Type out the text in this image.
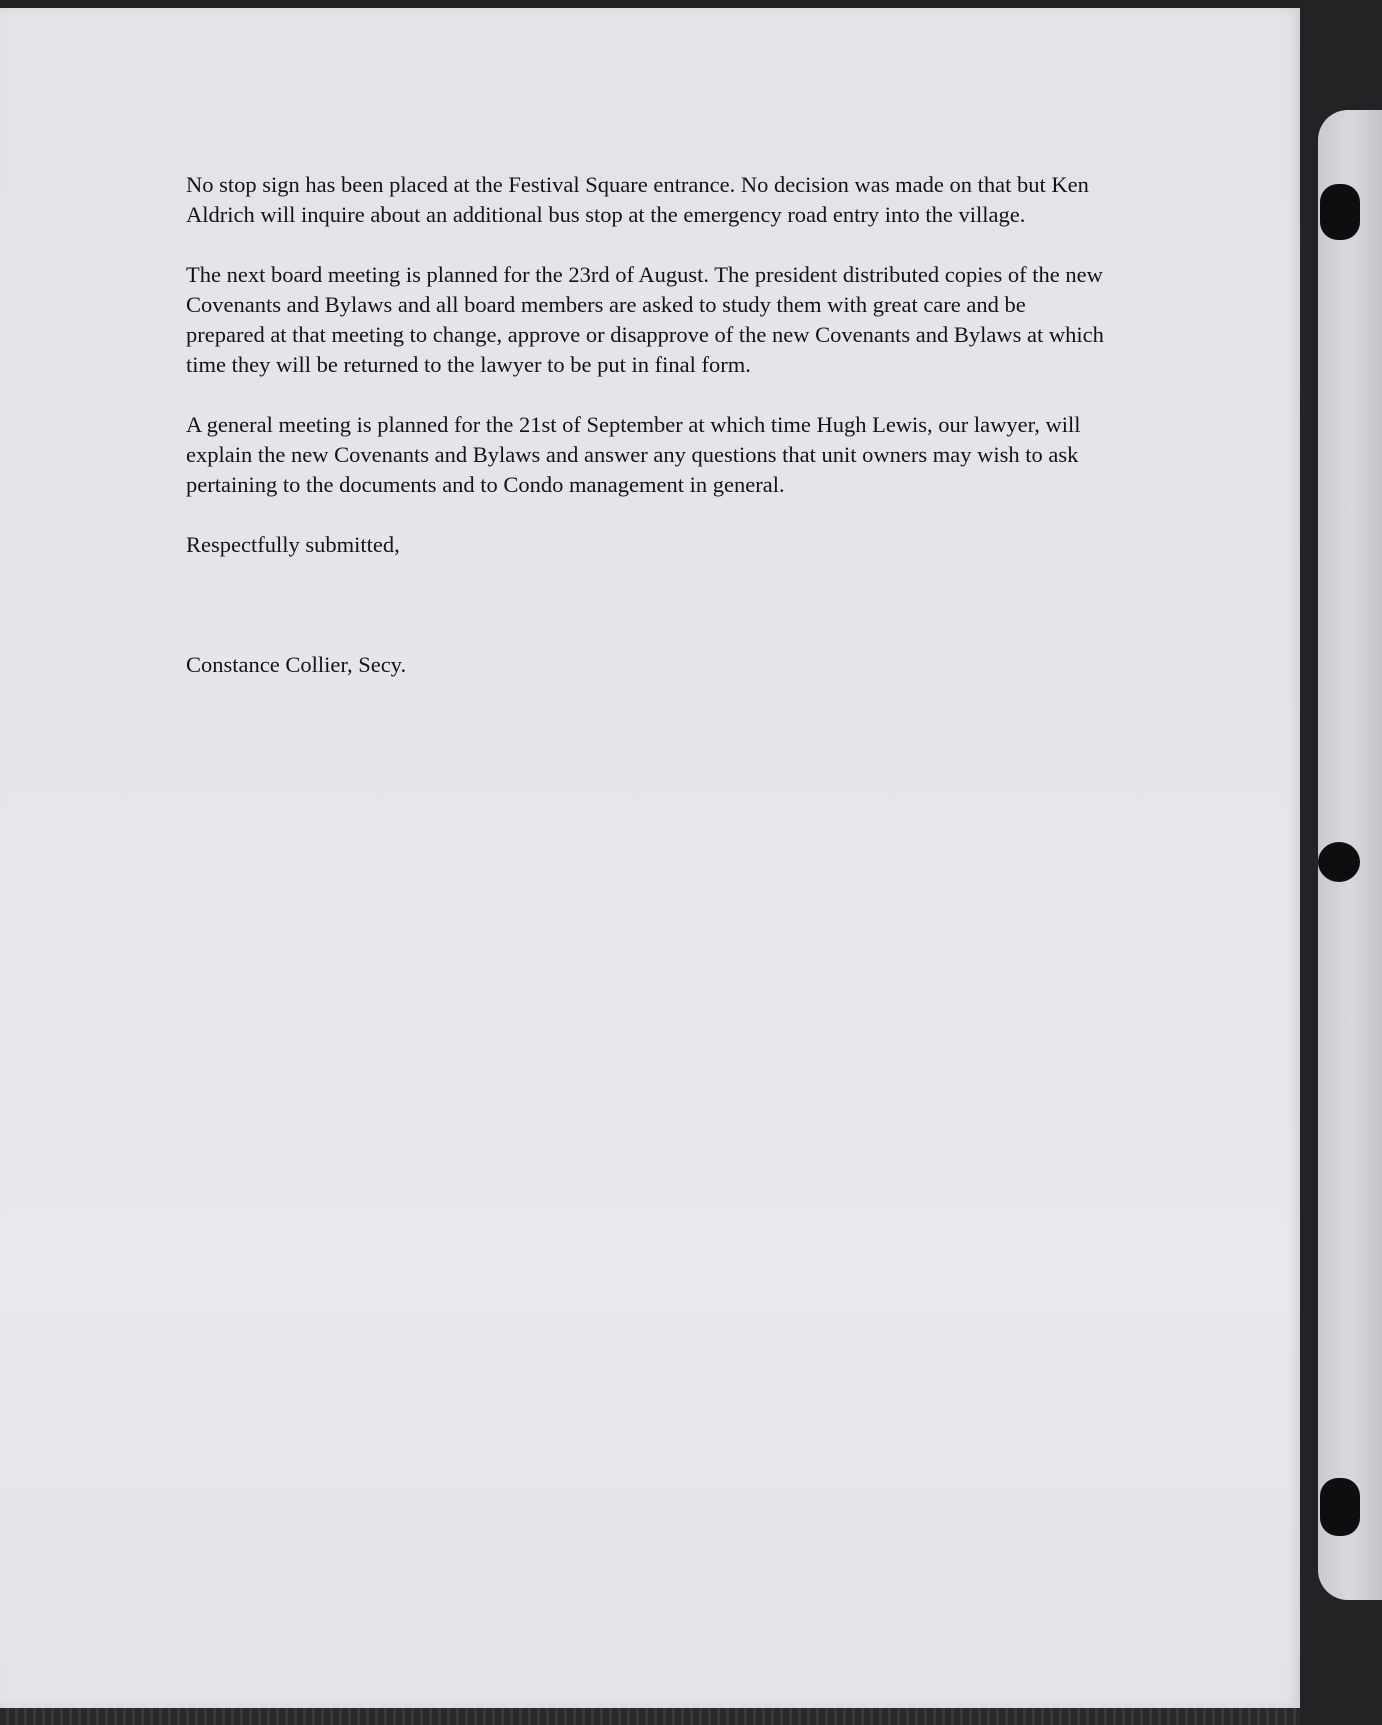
No stop sign has been placed at the Festival Square entrance. No decision was made on that but Ken Aldrich will inquire about an additional bus stop at the emergency road entry into the village.

The next board meeting is planned for the 23rd of August. The president distributed copies of the new Covenants and Bylaws and all board members are asked to study them with great care and be prepared at that meeting to change, approve or disapprove of the new Covenants and Bylaws at which time they will be returned to the lawyer to be put in final form.

A general meeting is planned for the 21st of September at which time Hugh Lewis, our lawyer, will explain the new Covenants and Bylaws and answer any questions that unit owners may wish to ask pertaining to the documents and to Condo management in general.

Respectfully submitted,

Constance Collier, Secy.
